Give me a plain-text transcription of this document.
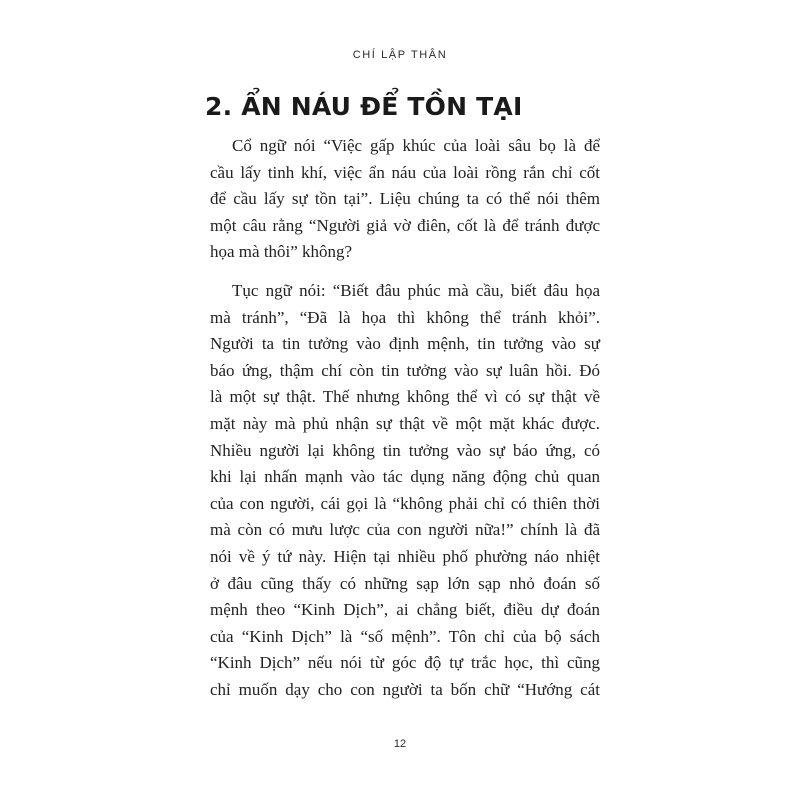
CHÍ LẬP THÂN
2. ẨN NÁU ĐỂ TỒN TẠI
Cổ ngữ nói “Việc gấp khúc của loài sâu bọ là để
cầu lấy tinh khí, việc ẩn náu của loài rồng rắn chỉ cốt
để cầu lấy sự tồn tại”. Liệu chúng ta có thể nói thêm
một câu rằng “Người giả vờ điên, cốt là để tránh được
họa mà thôi” không?
Tục ngữ nói: “Biết đâu phúc mà cầu, biết đâu họa
mà tránh”, “Đã là họa thì không thể tránh khỏi”.
Người ta tin tưởng vào định mệnh, tin tưởng vào sự
báo ứng, thậm chí còn tin tưởng vào sự luân hồi. Đó
là một sự thật. Thế nhưng không thể vì có sự thật về
mặt này mà phủ nhận sự thật về một mặt khác được.
Nhiều người lại không tin tưởng vào sự báo ứng, có
khi lại nhấn mạnh vào tác dụng năng động chủ quan
của con người, cái gọi là “không phải chỉ có thiên thời
mà còn có mưu lược của con người nữa!” chính là đã
nói về ý tứ này. Hiện tại nhiều phố phường náo nhiệt
ở đâu cũng thấy có những sạp lớn sạp nhỏ đoán số
mệnh theo “Kinh Dịch”, ai chẳng biết, điều dự đoán
của “Kinh Dịch” là “số mệnh”. Tôn chỉ của bộ sách
“Kinh Dịch” nếu nói từ góc độ tự trắc học, thì cũng
chỉ muốn dạy cho con người ta bốn chữ “Hướng cát
12
